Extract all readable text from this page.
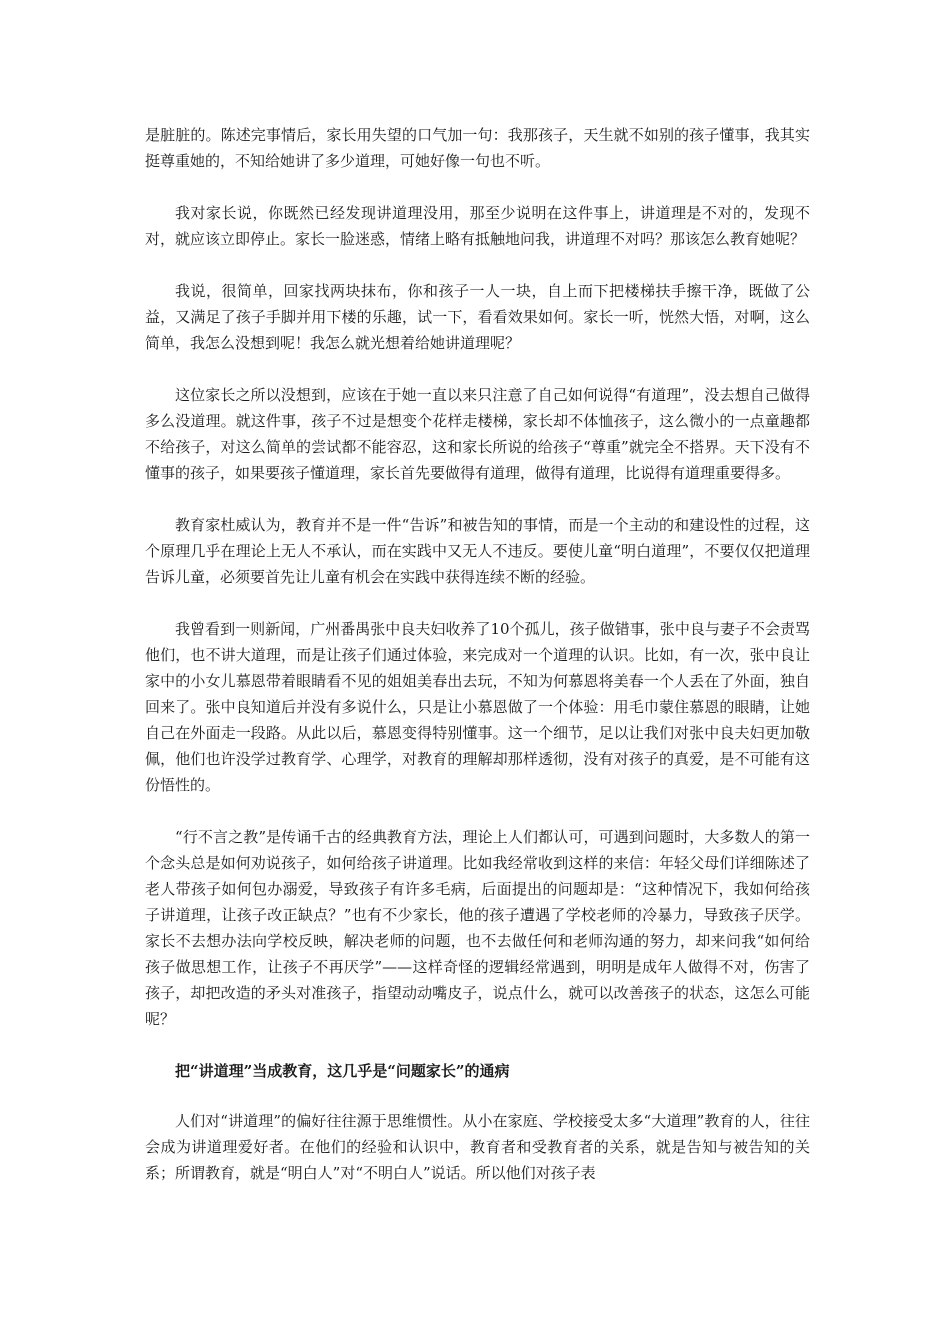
是脏脏的。陈述完事情后，家长用失望的口气加一句：我那孩子，天生就不如别的孩子懂事，我其实挺尊重她的，不知给她讲了多少道理，可她好像一句也不听。

我对家长说，你既然已经发现讲道理没用，那至少说明在这件事上，讲道理是不对的，发现不对，就应该立即停止。家长一脸迷惑，情绪上略有抵触地问我，讲道理不对吗？那该怎么教育她呢？

我说，很简单，回家找两块抹布，你和孩子一人一块，自上而下把楼梯扶手擦干净，既做了公益，又满足了孩子手脚并用下楼的乐趣，试一下，看看效果如何。家长一听，恍然大悟，对啊，这么简单，我怎么没想到呢！我怎么就光想着给她讲道理呢？

这位家长之所以没想到，应该在于她一直以来只注意了自己如何说得“有道理”，没去想自己做得多么没道理。就这件事，孩子不过是想变个花样走楼梯，家长却不体恤孩子，这么微小的一点童趣都不给孩子，对这么简单的尝试都不能容忍，这和家长所说的给孩子“尊重”就完全不搭界。天下没有不懂事的孩子，如果要孩子懂道理，家长首先要做得有道理，做得有道理，比说得有道理重要得多。

教育家杜威认为，教育并不是一件“告诉”和被告知的事情，而是一个主动的和建设性的过程，这个原理几乎在理论上无人不承认，而在实践中又无人不违反。要使儿童“明白道理”，不要仅仅把道理告诉儿童，必须要首先让儿童有机会在实践中获得连续不断的经验。

我曾看到一则新闻，广州番禺张中良夫妇收养了10个孤儿，孩子做错事，张中良与妻子不会责骂他们，也不讲大道理，而是让孩子们通过体验，来完成对一个道理的认识。比如，有一次，张中良让家中的小女儿慕恩带着眼睛看不见的姐姐美春出去玩，不知为何慕恩将美春一个人丢在了外面，独自回来了。张中良知道后并没有多说什么，只是让小慕恩做了一个体验：用毛巾蒙住慕恩的眼睛，让她自己在外面走一段路。从此以后，慕恩变得特别懂事。这一个细节，足以让我们对张中良夫妇更加敬佩，他们也许没学过教育学、心理学，对教育的理解却那样透彻，没有对孩子的真爱，是不可能有这份悟性的。

“行不言之教”是传诵千古的经典教育方法，理论上人们都认可，可遇到问题时，大多数人的第一个念头总是如何劝说孩子，如何给孩子讲道理。比如我经常收到这样的来信：年轻父母们详细陈述了老人带孩子如何包办溺爱，导致孩子有许多毛病，后面提出的问题却是：“这种情况下，我如何给孩子讲道理，让孩子改正缺点？”也有不少家长，他的孩子遭遇了学校老师的冷暴力，导致孩子厌学。家长不去想办法向学校反映，解决老师的问题，也不去做任何和老师沟通的努力，却来问我“如何给孩子做思想工作，让孩子不再厌学”——这样奇怪的逻辑经常遇到，明明是成年人做得不对，伤害了孩子，却把改造的矛头对准孩子，指望动动嘴皮子，说点什么，就可以改善孩子的状态，这怎么可能呢？

把“讲道理”当成教育，这几乎是“问题家长”的通病

人们对“讲道理”的偏好往往源于思维惯性。从小在家庭、学校接受太多“大道理”教育的人，往往会成为讲道理爱好者。在他们的经验和认识中，教育者和受教育者的关系，就是告知与被告知的关系；所谓教育，就是“明白人”对“不明白人”说话。所以他们对孩子表
